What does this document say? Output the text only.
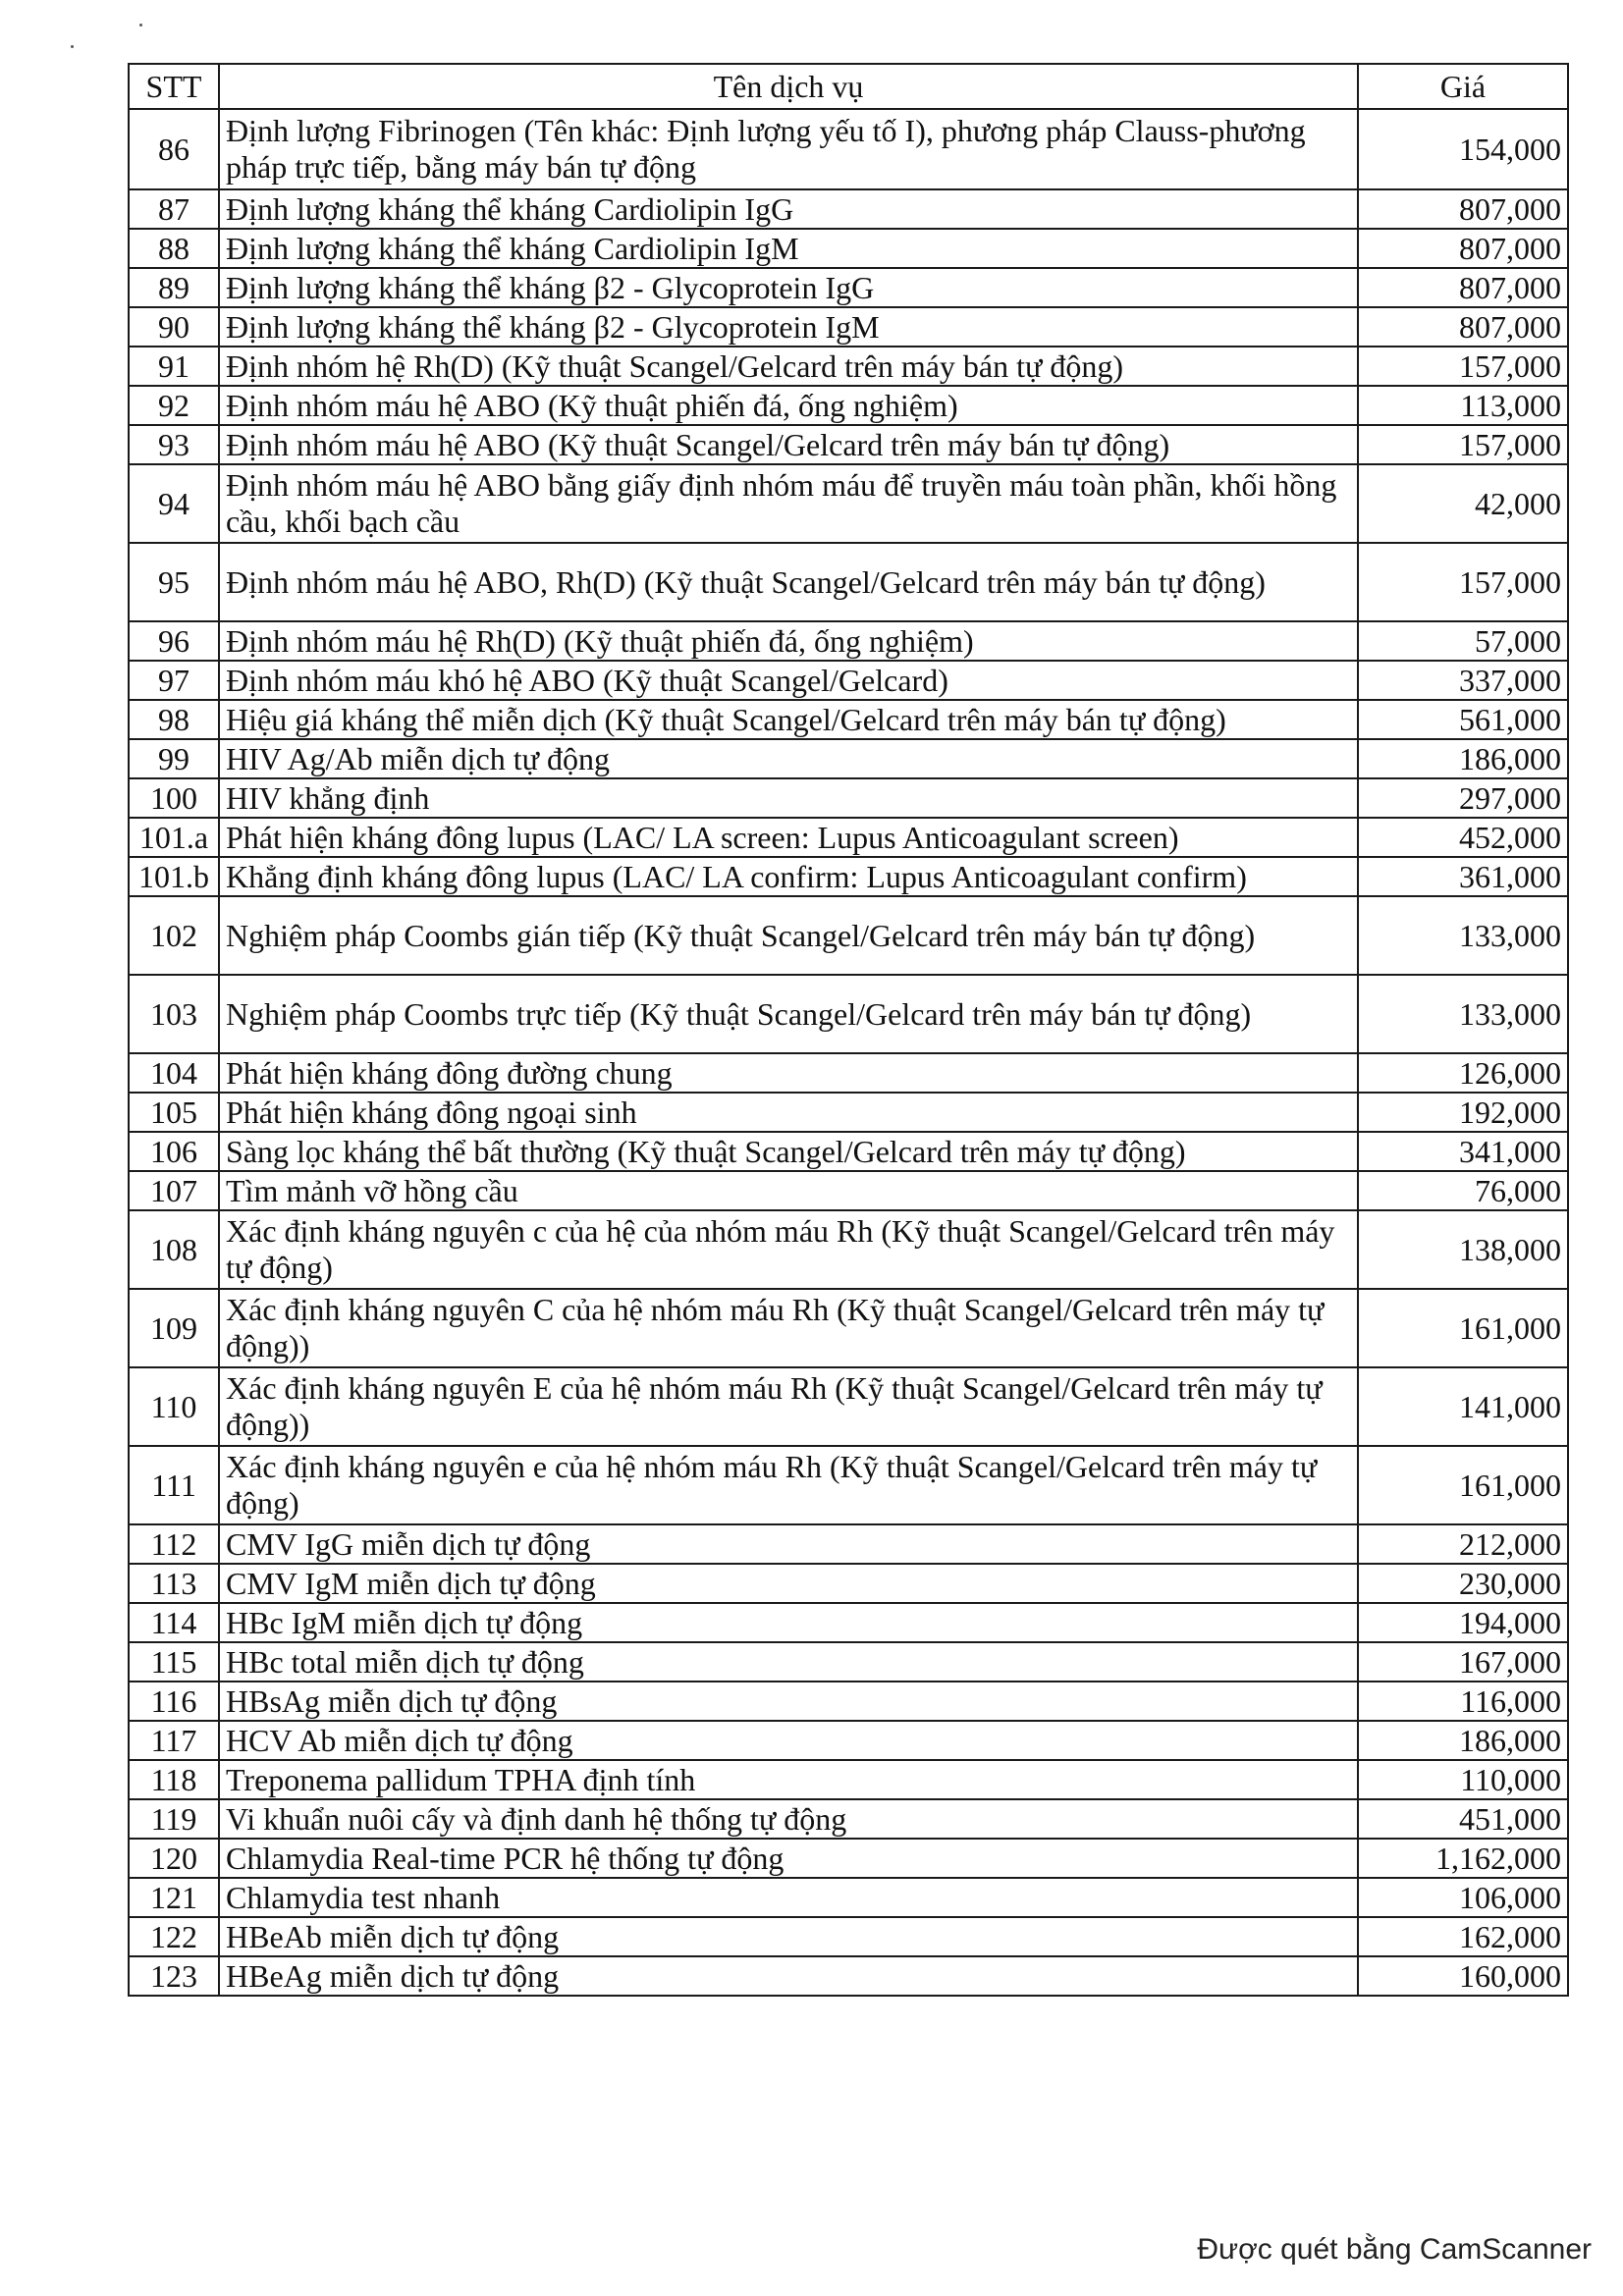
STT	Tên dịch vụ	Giá
86	Định lượng Fibrinogen (Tên khác: Định lượng yếu tố I), phương pháp Clauss-phương pháp trực tiếp, bằng máy bán tự động	154,000
87	Định lượng kháng thể kháng Cardiolipin IgG	807,000
88	Định lượng kháng thể kháng Cardiolipin IgM	807,000
89	Định lượng kháng thể kháng β2 - Glycoprotein IgG	807,000
90	Định lượng kháng thể kháng β2 - Glycoprotein IgM	807,000
91	Định nhóm hệ Rh(D) (Kỹ thuật Scangel/Gelcard trên máy bán tự động)	157,000
92	Định nhóm máu hệ ABO (Kỹ thuật phiến đá, ống nghiệm)	113,000
93	Định nhóm máu hệ ABO (Kỹ thuật Scangel/Gelcard trên máy bán tự động)	157,000
94	Định nhóm máu hệ ABO bằng giấy định nhóm máu để truyền máu toàn phần, khối hồng cầu, khối bạch cầu	42,000
95	Định nhóm máu hệ ABO, Rh(D) (Kỹ thuật Scangel/Gelcard trên máy bán tự động)	157,000
96	Định nhóm máu hệ Rh(D) (Kỹ thuật phiến đá, ống nghiệm)	57,000
97	Định nhóm máu khó hệ ABO (Kỹ thuật Scangel/Gelcard)	337,000
98	Hiệu giá kháng thể miễn dịch (Kỹ thuật Scangel/Gelcard trên máy bán tự động)	561,000
99	HIV Ag/Ab miễn dịch tự động	186,000
100	HIV khẳng định	297,000
101.a	Phát hiện kháng đông lupus (LAC/ LA screen: Lupus Anticoagulant screen)	452,000
101.b	Khẳng định kháng đông lupus (LAC/ LA confirm: Lupus Anticoagulant confirm)	361,000
102	Nghiệm pháp Coombs gián tiếp (Kỹ thuật Scangel/Gelcard trên máy bán tự động)	133,000
103	Nghiệm pháp Coombs trực tiếp (Kỹ thuật Scangel/Gelcard trên máy bán tự động)	133,000
104	Phát hiện kháng đông đường chung	126,000
105	Phát hiện kháng đông ngoại sinh	192,000
106	Sàng lọc kháng thể bất thường (Kỹ thuật Scangel/Gelcard trên máy tự động)	341,000
107	Tìm mảnh vỡ hồng cầu	76,000
108	Xác định kháng nguyên c của hệ của nhóm máu Rh (Kỹ thuật Scangel/Gelcard trên máy tự động)	138,000
109	Xác định kháng nguyên C của hệ nhóm máu Rh (Kỹ thuật Scangel/Gelcard trên máy tự động))	161,000
110	Xác định kháng nguyên E của hệ nhóm máu Rh (Kỹ thuật Scangel/Gelcard trên máy tự động))	141,000
111	Xác định kháng nguyên e của hệ nhóm máu Rh (Kỹ thuật Scangel/Gelcard trên máy tự động)	161,000
112	CMV IgG miễn dịch tự động	212,000
113	CMV IgM miễn dịch tự động	230,000
114	HBc IgM miễn dịch tự động	194,000
115	HBc total miễn dịch tự động	167,000
116	HBsAg miễn dịch tự động	116,000
117	HCV Ab miễn dịch tự động	186,000
118	Treponema pallidum TPHA định tính	110,000
119	Vi khuẩn nuôi cấy và định danh hệ thống tự động	451,000
120	Chlamydia Real-time PCR hệ thống tự động	1,162,000
121	Chlamydia test nhanh	106,000
122	HBeAb miễn dịch tự động	162,000
123	HBeAg miễn dịch tự động	160,000
Được quét bằng CamScanner
